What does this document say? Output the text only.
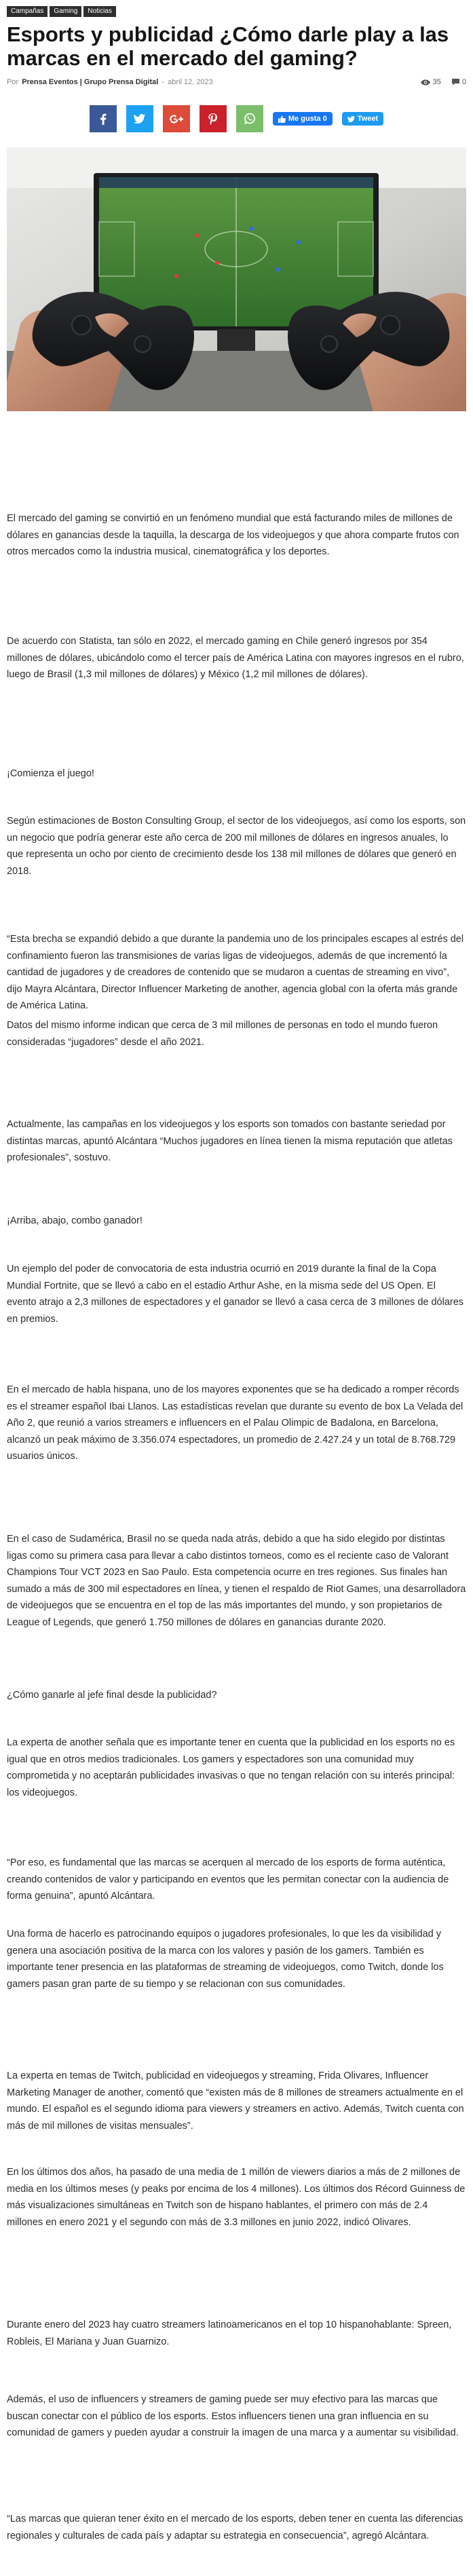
Campañas	Gaming	Noticias
Esports y publicidad ¿Cómo darle play a las marcas en el mercado del gaming?
Por Prensa Eventos | Grupo Prensa Digital - abril 12, 2023	35	0
Me gusta 0	Tweet

El mercado del gaming se convirtió en un fenómeno mundial que está facturando miles de millones de dólares en ganancias desde la taquilla, la descarga de los videojuegos y que ahora comparte frutos con otros mercados como la industria musical, cinematográfica y los deportes.

De acuerdo con Statista, tan sólo en 2022, el mercado gaming en Chile generó ingresos por 354 millones de dólares, ubicándolo como el tercer país de América Latina con mayores ingresos en el rubro, luego de Brasil (1,3 mil millones de dólares) y México (1,2 mil millones de dólares).

¡Comienza el juego!

Según estimaciones de Boston Consulting Group, el sector de los videojuegos, así como los esports, son un negocio que podría generar este año cerca de 200 mil millones de dólares en ingresos anuales, lo que representa un ocho por ciento de crecimiento desde los 138 mil millones de dólares que generó en 2018.

“Esta brecha se expandió debido a que durante la pandemia uno de los principales escapes al estrés del confinamiento fueron las transmisiones de varias ligas de videojuegos, además de que incrementó la cantidad de jugadores y de creadores de contenido que se mudaron a cuentas de streaming en vivo”, dijo Mayra Alcántara, Director Influencer Marketing de another, agencia global con la oferta más grande de América Latina.

Datos del mismo informe indican que cerca de 3 mil millones de personas en todo el mundo fueron consideradas “jugadores” desde el año 2021.

Actualmente, las campañas en los videojuegos y los esports son tomados con bastante seriedad por distintas marcas, apuntó Alcántara “Muchos jugadores en línea tienen la misma reputación que atletas profesionales”, sostuvo.

¡Arriba, abajo, combo ganador!

Un ejemplo del poder de convocatoria de esta industria ocurrió en 2019 durante la final de la Copa Mundial Fortnite, que se llevó a cabo en el estadio Arthur Ashe, en la misma sede del US Open. El evento atrajo a 2,3 millones de espectadores y el ganador se llevó a casa cerca de 3 millones de dólares en premios.

En el mercado de habla hispana, uno de los mayores exponentes que se ha dedicado a romper récords es el streamer español Ibai Llanos. Las estadísticas revelan que durante su evento de box La Velada del Año 2, que reunió a varios streamers e influencers en el Palau Olimpic de Badalona, en Barcelona, alcanzó un peak máximo de 3.356.074 espectadores, un promedio de 2.427.24 y un total de 8.768.729 usuarios únicos.

En el caso de Sudamérica, Brasil no se queda nada atrás, debido a que ha sido elegido por distintas ligas como su primera casa para llevar a cabo distintos torneos, como es el reciente caso de Valorant Champions Tour VCT 2023 en Sao Paulo. Esta competencia ocurre en tres regiones. Sus finales han sumado a más de 300 mil espectadores en línea, y tienen el respaldo de Riot Games, una desarrolladora de videojuegos que se encuentra en el top de las más importantes del mundo, y son propietarios de League of Legends, que generó 1.750 millones de dólares en ganancias durante 2020.

¿Cómo ganarle al jefe final desde la publicidad?

La experta de another señala que es importante tener en cuenta que la publicidad en los esports no es igual que en otros medios tradicionales. Los gamers y espectadores son una comunidad muy comprometida y no aceptarán publicidades invasivas o que no tengan relación con su interés principal: los videojuegos.

“Por eso, es fundamental que las marcas se acerquen al mercado de los esports de forma auténtica, creando contenidos de valor y participando en eventos que les permitan conectar con la audiencia de forma genuina”, apuntó Alcántara.

Una forma de hacerlo es patrocinando equipos o jugadores profesionales, lo que les da visibilidad y genera una asociación positiva de la marca con los valores y pasión de los gamers. También es importante tener presencia en las plataformas de streaming de videojuegos, como Twitch, donde los gamers pasan gran parte de su tiempo y se relacionan con sus comunidades.

La experta en temas de Twitch, publicidad en videojuegos y streaming, Frida Olivares, Influencer Marketing Manager de another, comentó que “existen más de 8 millones de streamers actualmente en el mundo. El español es el segundo idioma para viewers y streamers en activo. Además, Twitch cuenta con más de mil millones de visitas mensuales”.

En los últimos dos años, ha pasado de una media de 1 millón de viewers diarios a más de 2 millones de media en los últimos meses (y peaks por encima de los 4 millones). Los últimos dos Récord Guinness de más visualizaciones simultáneas en Twitch son de hispano hablantes, el primero con más de 2.4 millones en enero 2021 y el segundo con más de 3.3 millones en junio 2022, indicó Olivares.

Durante enero del 2023 hay cuatro streamers latinoamericanos en el top 10 hispanohablante: Spreen, Robleis, El Mariana y Juan Guarnizo.

Además, el uso de influencers y streamers de gaming puede ser muy efectivo para las marcas que buscan conectar con el público de los esports. Estos influencers tienen una gran influencia en su comunidad de gamers y pueden ayudar a construir la imagen de una marca y a aumentar su visibilidad.

“Las marcas que quieran tener éxito en el mercado de los esports, deben tener en cuenta las diferencias regionales y culturales de cada país y adaptar su estrategia en consecuencia”, agregó Alcántara.
